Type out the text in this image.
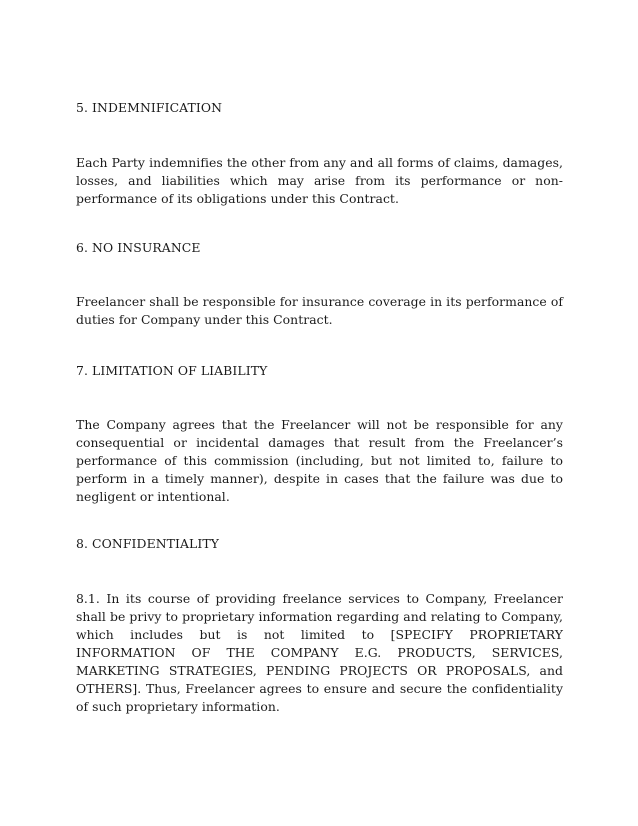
5. INDEMNIFICATION

Each Party indemnifies the other from any and all forms of claims, damages, losses, and liabilities which may arise from its performance or non-performance of its obligations under this Contract.

6. NO INSURANCE

Freelancer shall be responsible for insurance coverage in its performance of duties for Company under this Contract.

7. LIMITATION OF LIABILITY

The Company agrees that the Freelancer will not be responsible for any consequential or incidental damages that result from the Freelancer’s performance of this commission (including, but not limited to, failure to perform in a timely manner), despite in cases that the failure was due to negligent or intentional.

8. CONFIDENTIALITY

8.1. In its course of providing freelance services to Company, Freelancer shall be privy to proprietary information regarding and relating to Company, which includes but is not limited to [SPECIFY PROPRIETARY INFORMATION OF THE COMPANY E.G. PRODUCTS, SERVICES, MARKETING STRATEGIES, PENDING PROJECTS OR PROPOSALS, and OTHERS]. Thus, Freelancer agrees to ensure and secure the confidentiality of such proprietary information.
